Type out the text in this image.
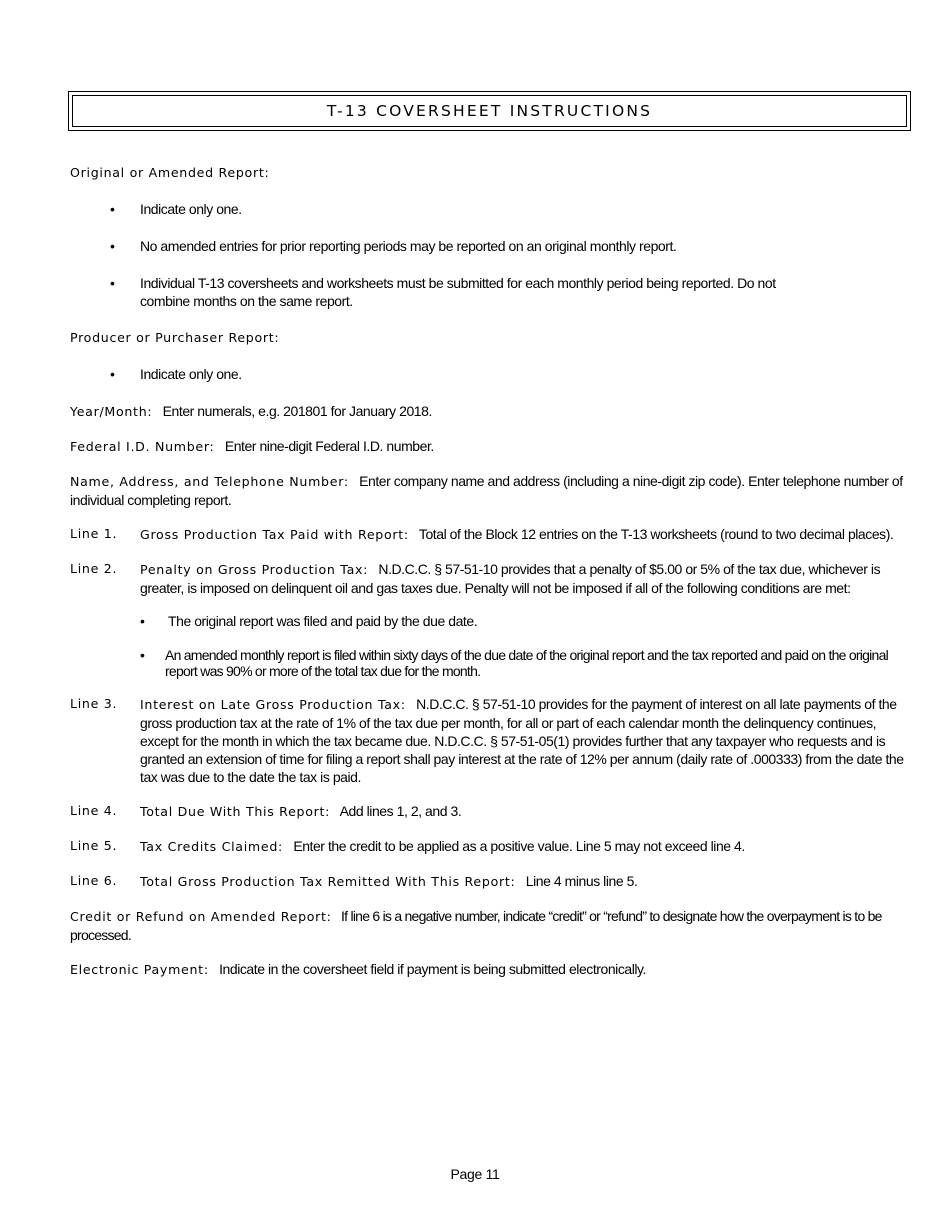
T-13 COVERSHEET INSTRUCTIONS
Original or Amended Report:
• Indicate only one.
• No amended entries for prior reporting periods may be reported on an original monthly report.
• Individual T-13 coversheets and worksheets must be submitted for each monthly period being reported. Do not combine months on the same report.
Producer or Purchaser Report:
• Indicate only one.
Year/Month: Enter numerals, e.g. 201801 for January 2018.
Federal I.D. Number: Enter nine-digit Federal I.D. number.
Name, Address, and Telephone Number: Enter company name and address (including a nine-digit zip code). Enter telephone number of individual completing report.
Line 1. Gross Production Tax Paid with Report: Total of the Block 12 entries on the T-13 worksheets (round to two decimal places).
Line 2. Penalty on Gross Production Tax: N.D.C.C. § 57-51-10 provides that a penalty of $5.00 or 5% of the tax due, whichever is greater, is imposed on delinquent oil and gas taxes due. Penalty will not be imposed if all of the following conditions are met:
• The original report was filed and paid by the due date.
• An amended monthly report is filed within sixty days of the due date of the original report and the tax reported and paid on the original report was 90% or more of the total tax due for the month.
Line 3. Interest on Late Gross Production Tax: N.D.C.C. § 57-51-10 provides for the payment of interest on all late payments of the gross production tax at the rate of 1% of the tax due per month, for all or part of each calendar month the delinquency continues, except for the month in which the tax became due. N.D.C.C. § 57-51-05(1) provides further that any taxpayer who requests and is granted an extension of time for filing a report shall pay interest at the rate of 12% per annum (daily rate of .000333) from the date the tax was due to the date the tax is paid.
Line 4. Total Due With This Report: Add lines 1, 2, and 3.
Line 5. Tax Credits Claimed: Enter the credit to be applied as a positive value. Line 5 may not exceed line 4.
Line 6. Total Gross Production Tax Remitted With This Report: Line 4 minus line 5.
Credit or Refund on Amended Report: If line 6 is a negative number, indicate “credit” or “refund” to designate how the overpayment is to be processed.
Electronic Payment: Indicate in the coversheet field if payment is being submitted electronically.
Page 11
